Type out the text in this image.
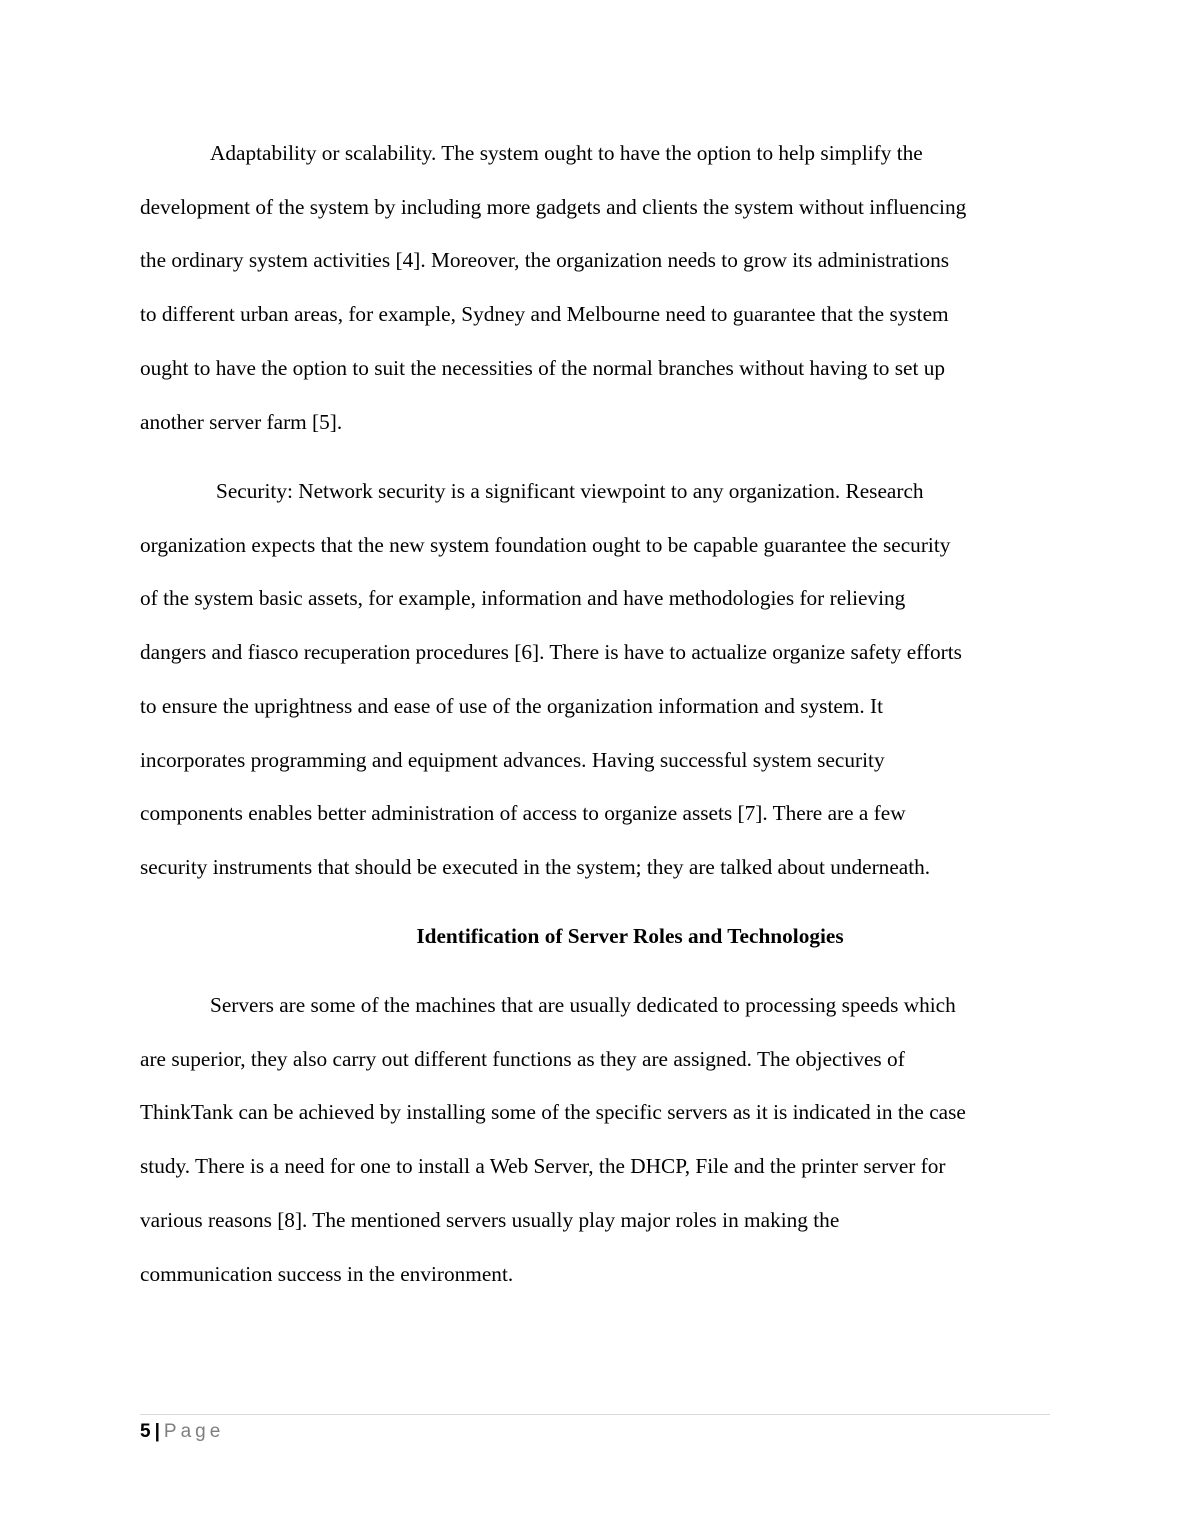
Adaptability or scalability. The system ought to have the option to help simplify the
development of the system by including more gadgets and clients the system without influencing
the ordinary system activities [4]. Moreover, the organization needs to grow its administrations
to different urban areas, for example, Sydney and Melbourne need to guarantee that the system
ought to have the option to suit the necessities of the normal branches without having to set up
another server farm [5].
Security: Network security is a significant viewpoint to any organization. Research
organization expects that the new system foundation ought to be capable guarantee the security
of the system basic assets, for example, information and have methodologies for relieving
dangers and fiasco recuperation procedures [6]. There is have to actualize organize safety efforts
to ensure the uprightness and ease of use of the organization information and system. It
incorporates programming and equipment advances. Having successful system security
components enables better administration of access to organize assets [7]. There are a few
security instruments that should be executed in the system; they are talked about underneath.
Identification of Server Roles and Technologies
Servers are some of the machines that are usually dedicated to processing speeds which
are superior, they also carry out different functions as they are assigned. The objectives of
ThinkTank can be achieved by installing some of the specific servers as it is indicated in the case
study. There is a need for one to install a Web Server, the DHCP, File and the printer server for
various reasons [8]. The mentioned servers usually play major roles in making the
communication success in the environment.
5 | Page
